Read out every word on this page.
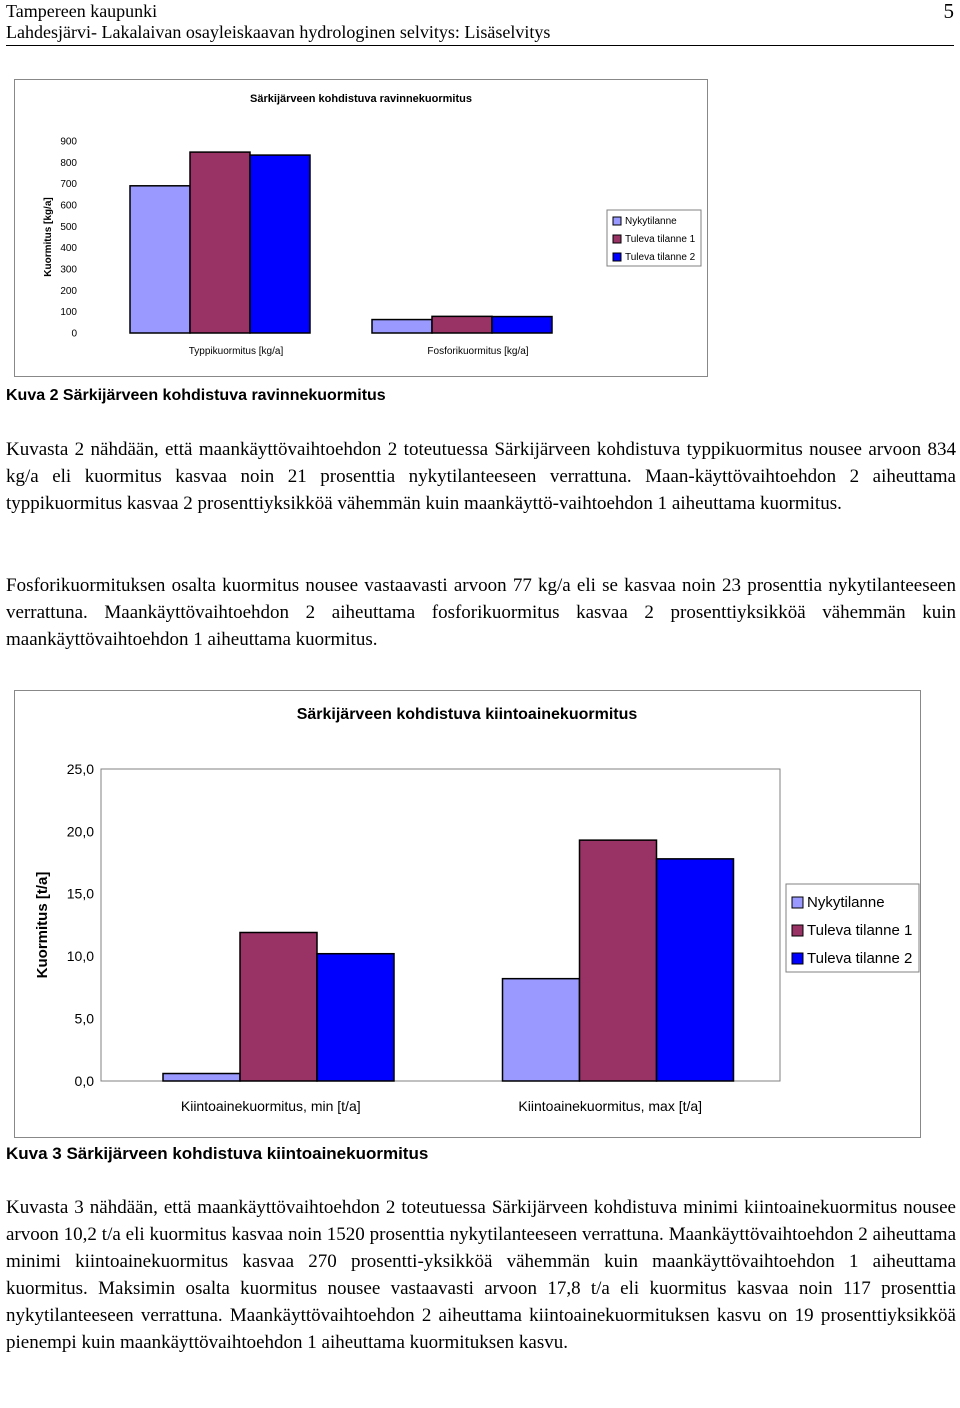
Tampereen kaupunki
Lahdesjärvi- Lakalaivan osayleiskaavan hydrologinen selvitys: Lisäselvitys
5
Särkijärveen kohdistuva ravinnekuormitus
0
100
200
300
400
500
600
700
800
900
Kuormitus [kg/a]
Typpikuormitus [kg/a]	Fosforikuormitus [kg/a]
Nykytilanne
Tuleva tilanne 1
Tuleva tilanne 2
Kuva 2 Särkijärveen kohdistuva ravinnekuormitus

Kuvasta 2 nähdään, että maankäyttövaihtoehdon 2 toteutuessa Särkijärveen kohdistuva typpikuormitus nousee arvoon 834 kg/a eli kuormitus kasvaa noin 21 prosenttia nykytilanteeseen verrattuna. Maan-käyttövaihtoehdon 2 aiheuttama typpikuormitus kasvaa 2 prosenttiyksikköä vähemmän kuin maankäyttö-vaihtoehdon 1 aiheuttama kuormitus.

Fosforikuormituksen osalta kuormitus nousee vastaavasti arvoon 77 kg/a eli se kasvaa noin 23 prosenttia nykytilanteeseen verrattuna. Maankäyttövaihtoehdon 2 aiheuttama fosforikuormitus kasvaa 2 prosenttiyksikköä vähemmän kuin maankäyttövaihtoehdon 1 aiheuttama kuormitus.

Särkijärveen kohdistuva kiintoainekuormitus
0,0
5,0
10,0
15,0
20,0
25,0
Kuormitus [t/a]
Kiintoainekuormitus, min [t/a]	Kiintoainekuormitus, max [t/a]
Nykytilanne
Tuleva tilanne 1
Tuleva tilanne 2
Kuva 3 Särkijärveen kohdistuva kiintoainekuormitus

Kuvasta 3 nähdään, että maankäyttövaihtoehdon 2 toteutuessa Särkijärveen kohdistuva minimi kiintoainekuormitus nousee arvoon 10,2 t/a eli kuormitus kasvaa noin 1520 prosenttia nykytilanteeseen verrattuna. Maankäyttövaihtoehdon 2 aiheuttama minimi kiintoainekuormitus kasvaa 270 prosentti-yksikköä vähemmän kuin maankäyttövaihtoehdon 1 aiheuttama kuormitus. Maksimin osalta kuormitus nousee vastaavasti arvoon 17,8 t/a eli kuormitus kasvaa noin 117 prosenttia nykytilanteeseen verrattuna. Maankäyttövaihtoehdon 2 aiheuttama kiintoainekuormituksen kasvu on 19 prosenttiyksikköä pienempi kuin maankäyttövaihtoehdon 1 aiheuttama kuormituksen kasvu.
